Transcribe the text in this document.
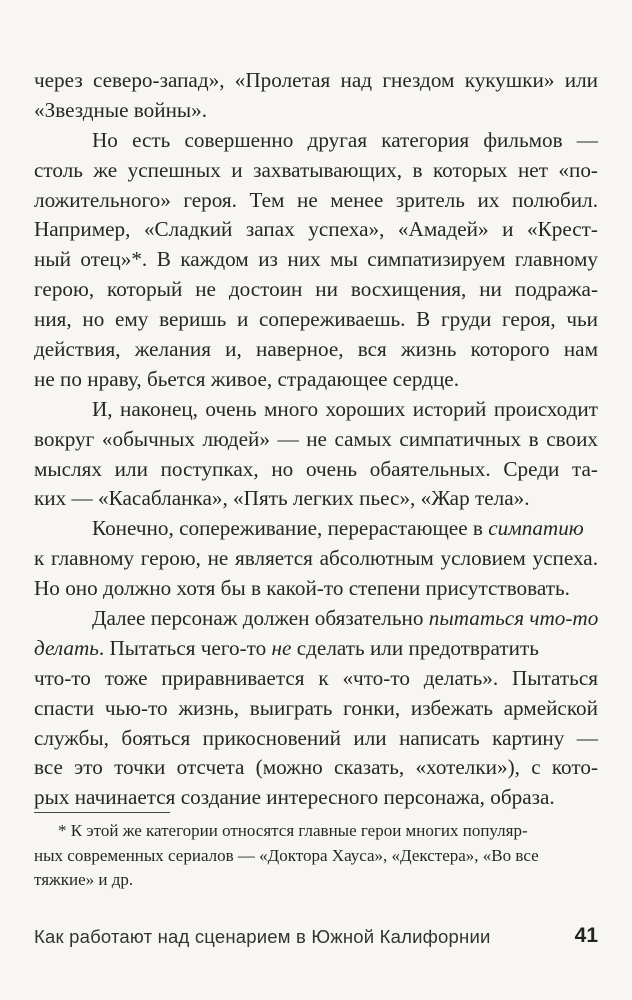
через северо-запад», «Пролетая над гнездом кукушки» или
«Звездные войны».
Но есть совершенно другая категория фильмов —
столь же успешных и захватывающих, в которых нет «по-
ложительного» героя. Тем не менее зритель их полюбил.
Например, «Сладкий запах успеха», «Амадей» и «Крест-
ный отец»*. В каждом из них мы симпатизируем главному
герою, который не достоин ни восхищения, ни подража-
ния, но ему веришь и сопереживаешь. В груди героя, чьи
действия, желания и, наверное, вся жизнь которого нам
не по нраву, бьется живое, страдающее сердце.
И, наконец, очень много хороших историй происходит
вокруг «обычных людей» — не самых симпатичных в своих
мыслях или поступках, но очень обаятельных. Среди та-
ких — «Касабланка», «Пять легких пьес», «Жар тела».
Конечно, сопереживание, перерастающее в симпатию
к главному герою, не является абсолютным условием успеха.
Но оно должно хотя бы в какой-то степени присутствовать.
Далее персонаж должен обязательно пытаться что-то
делать. Пытаться чего-то не сделать или предотвратить
что-то тоже приравнивается к «что-то делать». Пытаться
спасти чью-то жизнь, выиграть гонки, избежать армейской
службы, бояться прикосновений или написать картину —
все это точки отсчета (можно сказать, «хотелки»), с кото-
рых начинается создание интересного персонажа, образа.
* К этой же категории относятся главные герои многих популяр-
ных современных сериалов — «Доктора Хауса», «Декстера», «Во все
тяжкие» и др.
Как работают над сценарием в Южной Калифорнии	41
